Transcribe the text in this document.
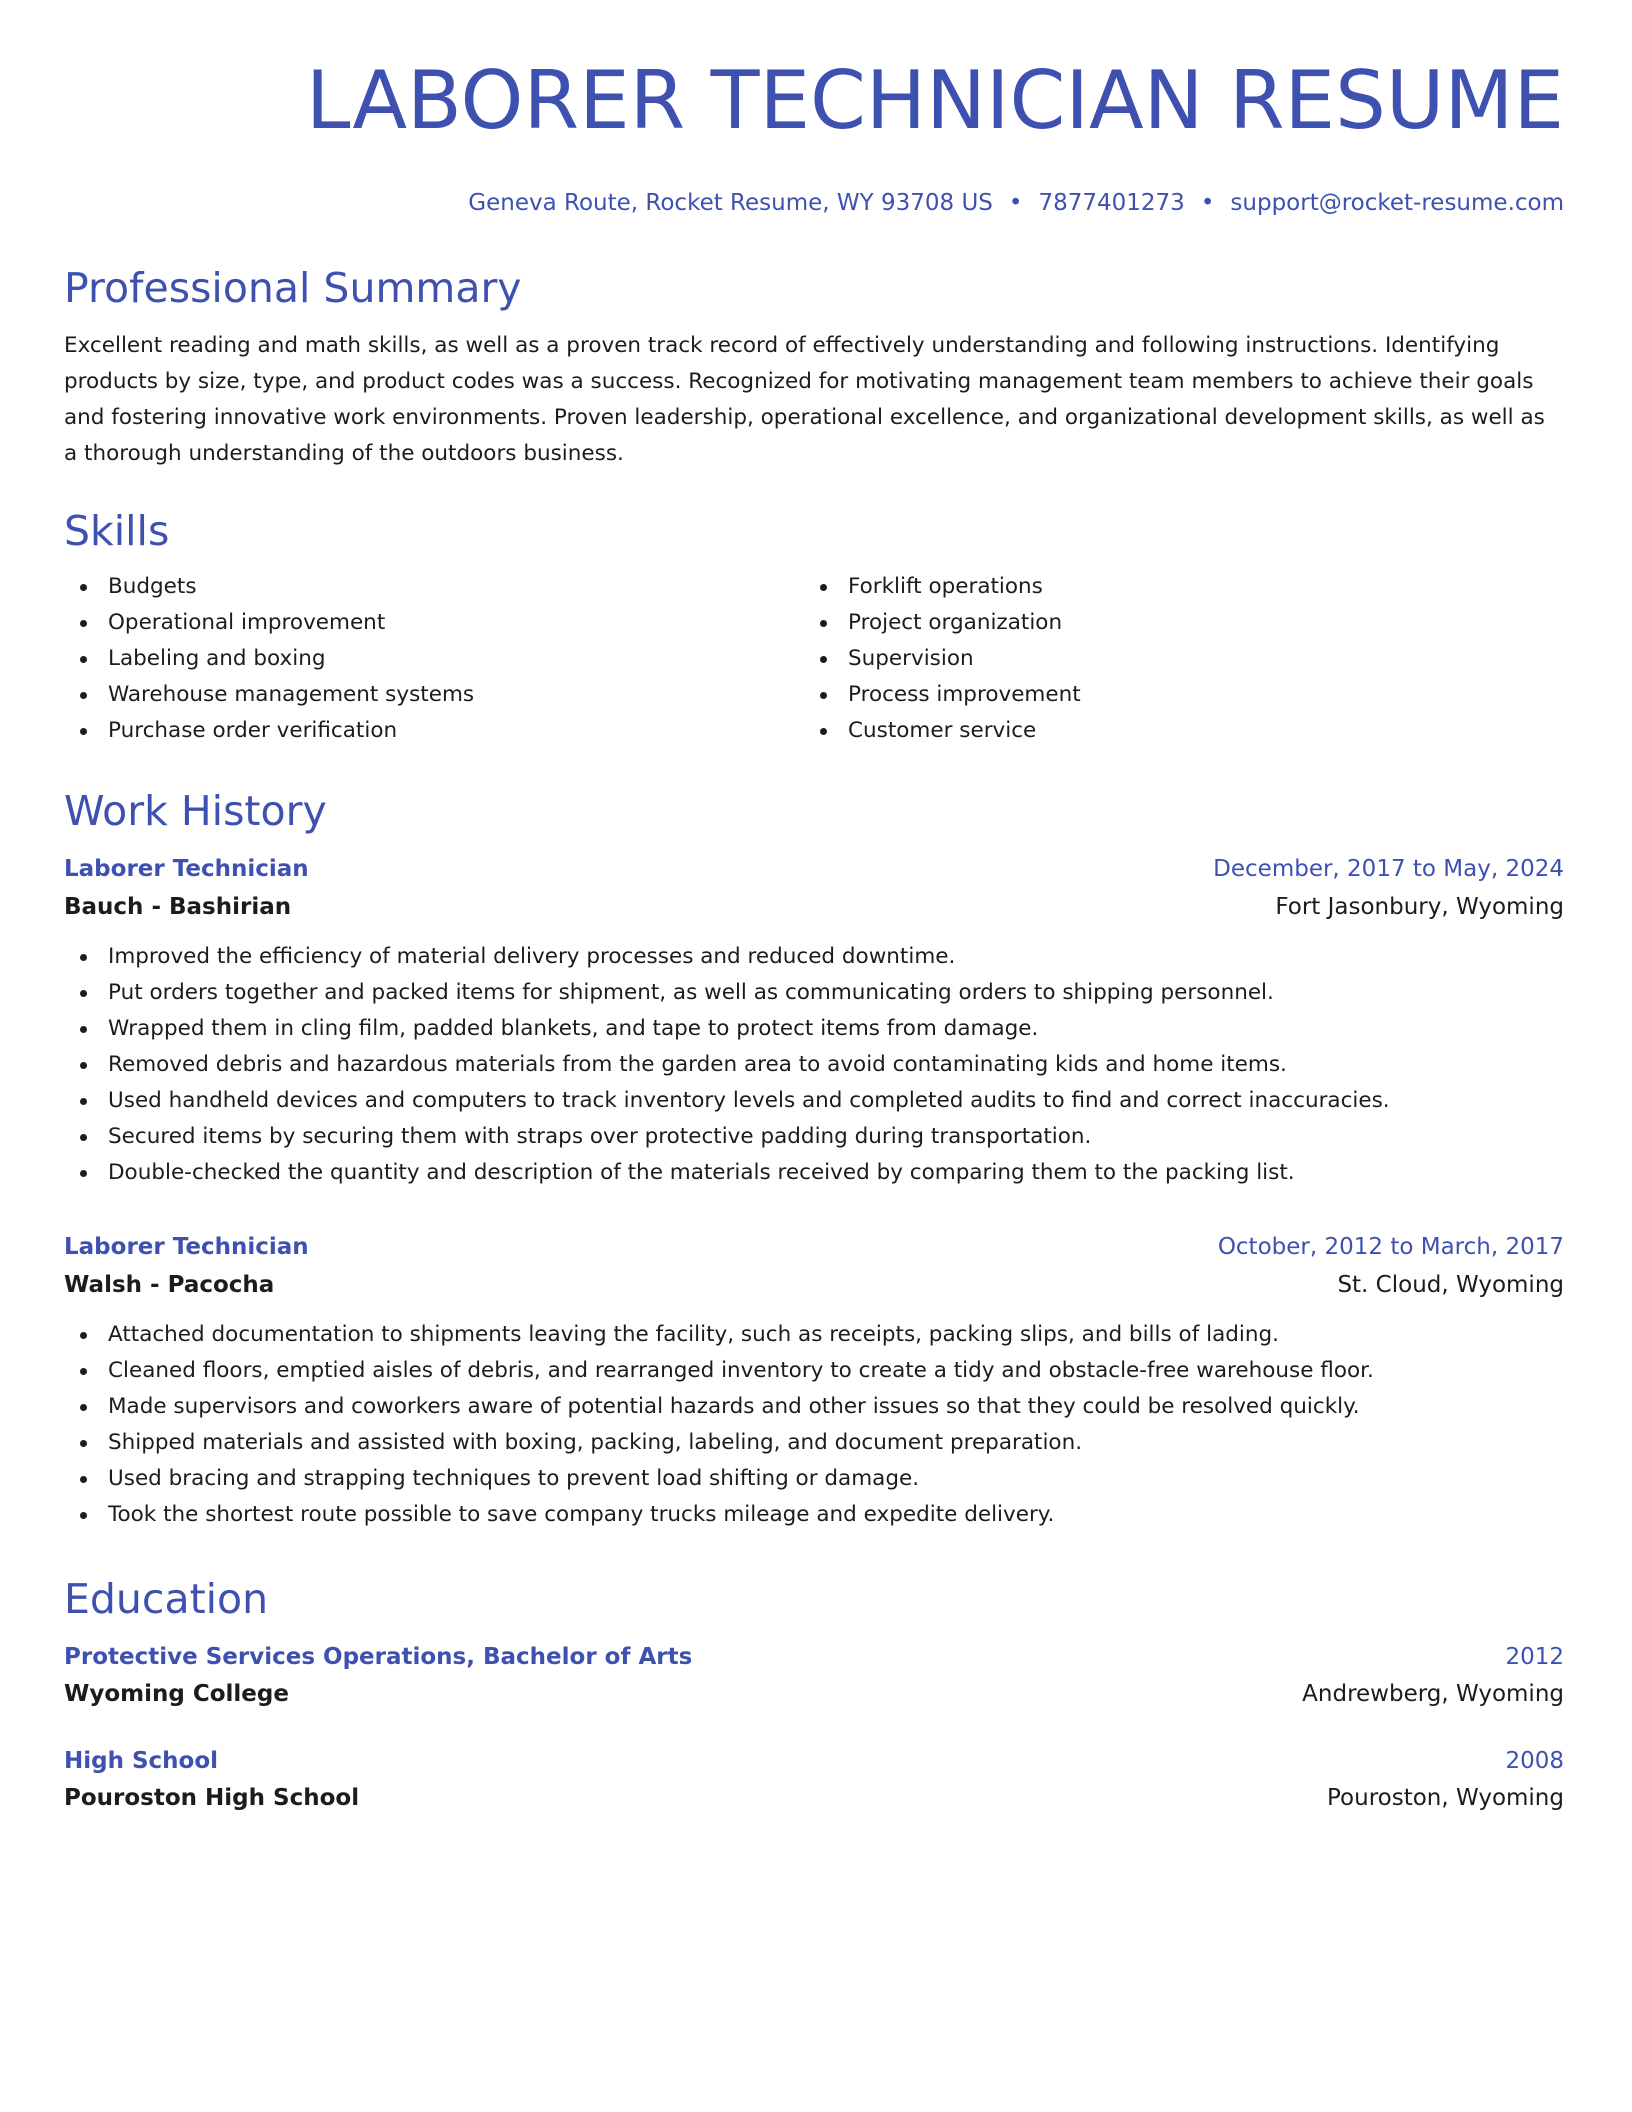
LABORER TECHNICIAN RESUME
Geneva Route, Rocket Resume, WY 93708 US • 7877401273 • support@rocket-resume.com
Professional Summary

Excellent reading and math skills, as well as a proven track record of effectively understanding and following instructions. Identifying products by size, type, and product codes was a success. Recognized for motivating management team members to achieve their goals and fostering innovative work environments. Proven leadership, operational excellence, and organizational development skills, as well as a thorough understanding of the outdoors business.

Skills
Budgets
Operational improvement
Labeling and boxing
Warehouse management systems
Purchase order verification
Forklift operations
Project organization
Supervision
Process improvement
Customer service
Work History
Laborer Technician	December, 2017 to May, 2024
Bauch - Bashirian	Fort Jasonbury, Wyoming
Improved the efficiency of material delivery processes and reduced downtime.
Put orders together and packed items for shipment, as well as communicating orders to shipping personnel.
Wrapped them in cling film, padded blankets, and tape to protect items from damage.
Removed debris and hazardous materials from the garden area to avoid contaminating kids and home items.
Used handheld devices and computers to track inventory levels and completed audits to find and correct inaccuracies.
Secured items by securing them with straps over protective padding during transportation.
Double-checked the quantity and description of the materials received by comparing them to the packing list.
Laborer Technician	October, 2012 to March, 2017
Walsh - Pacocha	St. Cloud, Wyoming
Attached documentation to shipments leaving the facility, such as receipts, packing slips, and bills of lading.
Cleaned floors, emptied aisles of debris, and rearranged inventory to create a tidy and obstacle-free warehouse floor.
Made supervisors and coworkers aware of potential hazards and other issues so that they could be resolved quickly.
Shipped materials and assisted with boxing, packing, labeling, and document preparation.
Used bracing and strapping techniques to prevent load shifting or damage.
Took the shortest route possible to save company trucks mileage and expedite delivery.
Education
Protective Services Operations, Bachelor of Arts	2012
Wyoming College	Andrewberg, Wyoming
High School	2008
Pouroston High School	Pouroston, Wyoming
